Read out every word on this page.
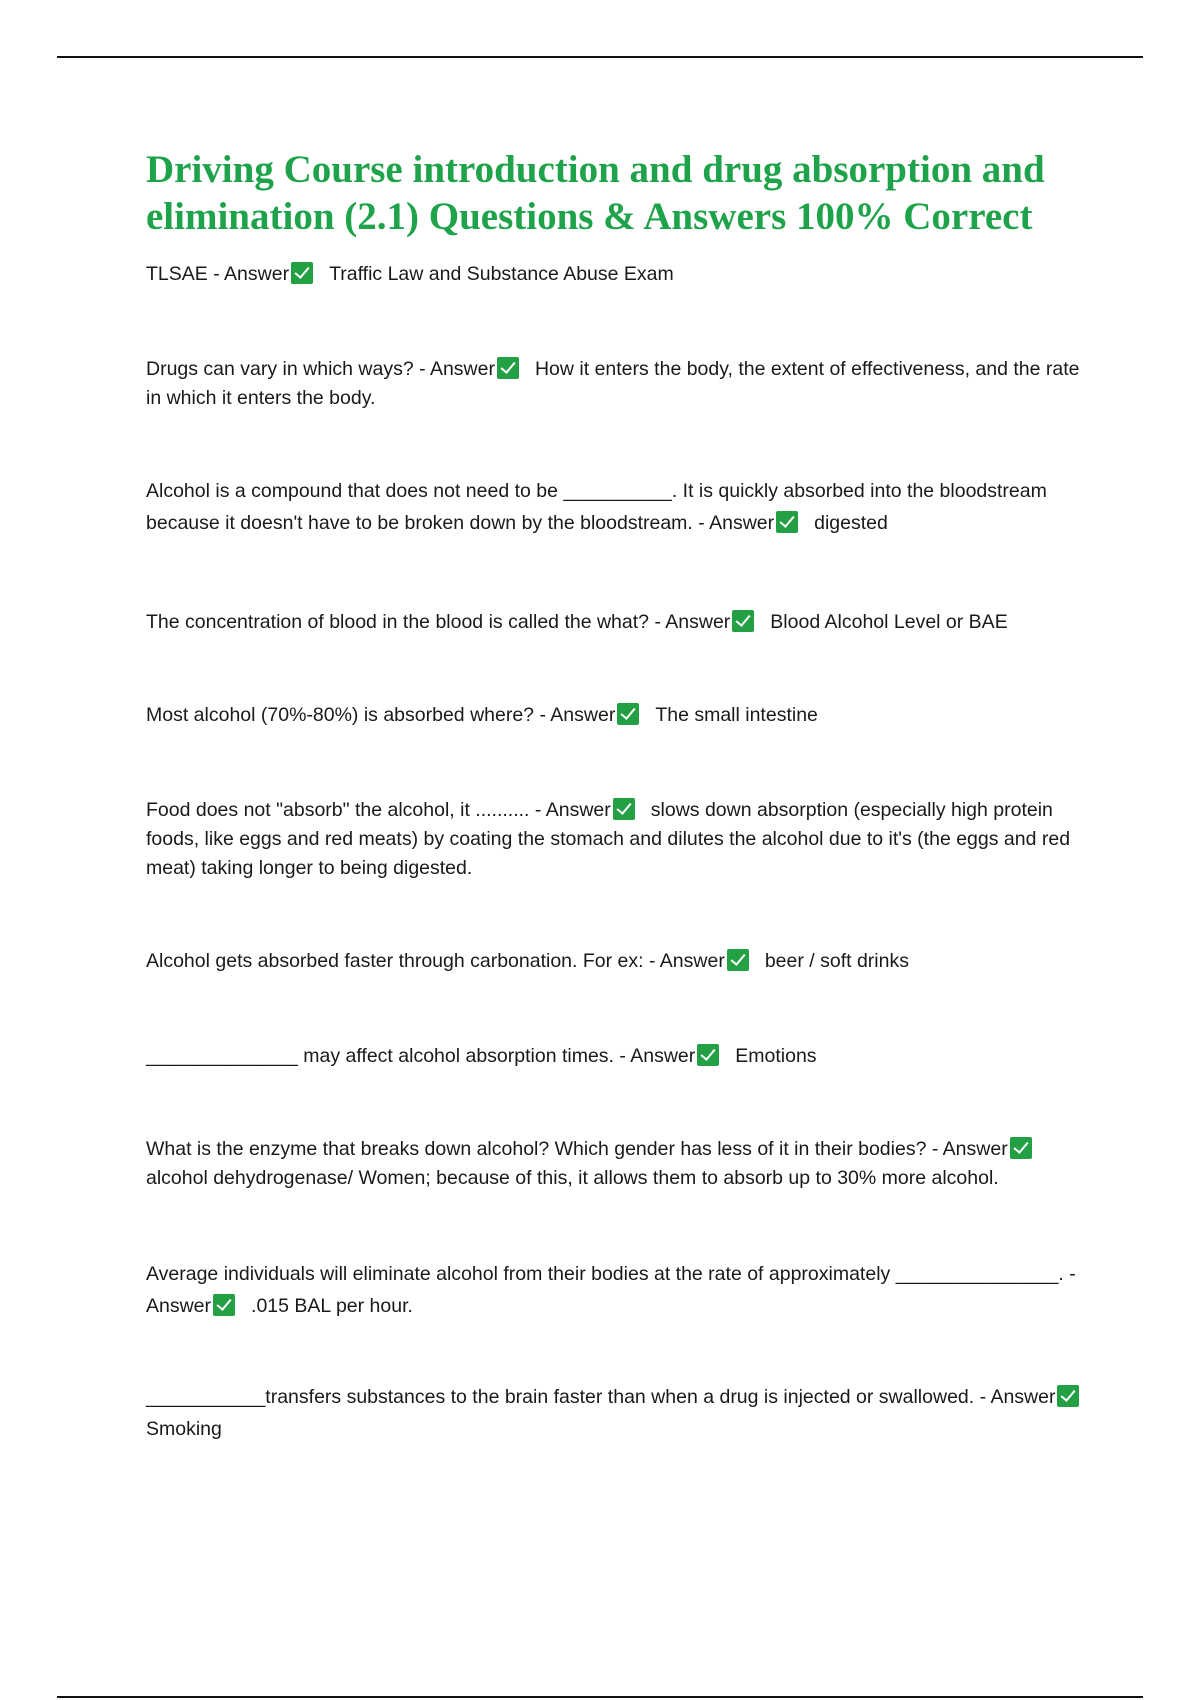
Driving Course introduction and drug absorption and elimination (2.1) Questions & Answers 100% Correct

TLSAE - Answer Traffic Law and Substance Abuse Exam

Drugs can vary in which ways? - Answer How it enters the body, the extent of effectiveness, and the rate in which it enters the body.

Alcohol is a compound that does not need to be __________. It is quickly absorbed into the bloodstream because it doesn't have to be broken down by the bloodstream. - Answer digested

The concentration of blood in the blood is called the what? - Answer Blood Alcohol Level or BAE

Most alcohol (70%-80%) is absorbed where? - Answer The small intestine

Food does not "absorb" the alcohol, it .......... - Answer slows down absorption (especially high protein foods, like eggs and red meats) by coating the stomach and dilutes the alcohol due to it's (the eggs and red meat) taking longer to being digested.

Alcohol gets absorbed faster through carbonation. For ex: - Answer beer / soft drinks

______________ may affect alcohol absorption times. - Answer Emotions

What is the enzyme that breaks down alcohol? Which gender has less of it in their bodies? - Answeralcohol dehydrogenase/ Women; because of this, it allows them to absorb up to 30% more alcohol.

Average individuals will eliminate alcohol from their bodies at the rate of approximately _______________. - Answer .015 BAL per hour.

___________transfers substances to the brain faster than when a drug is injected or swallowed. - AnswerSmoking
